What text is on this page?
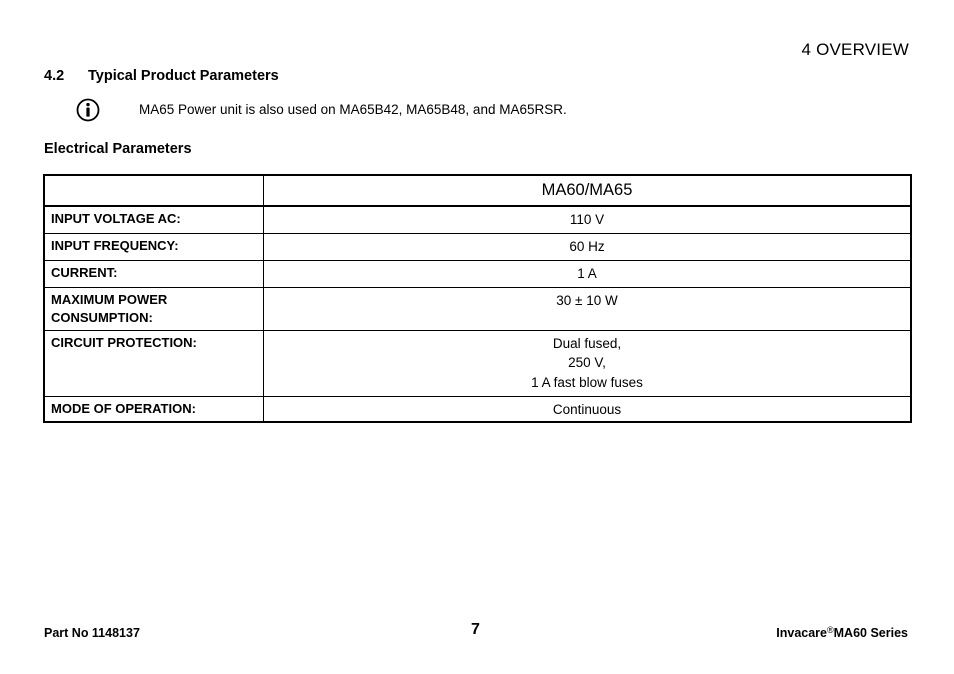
4 OVERVIEW
4.2 Typical Product Parameters
MA65 Power unit is also used on MA65B42, MA65B48, and MA65RSR.
Electrical Parameters
	MA60/MA65
INPUT VOLTAGE AC:	110 V

INPUT FREQUENCY:	60 Hz

CURRENT:	1 A

MAXIMUM POWER CONSUMPTION:	30 ± 10 W

CIRCUIT PROTECTION:	Dual fused,
250 V,
1 A fast blow fuses

MODE OF OPERATION:	Continuous
Part No 1148137	7	Invacare®MA60 Series
